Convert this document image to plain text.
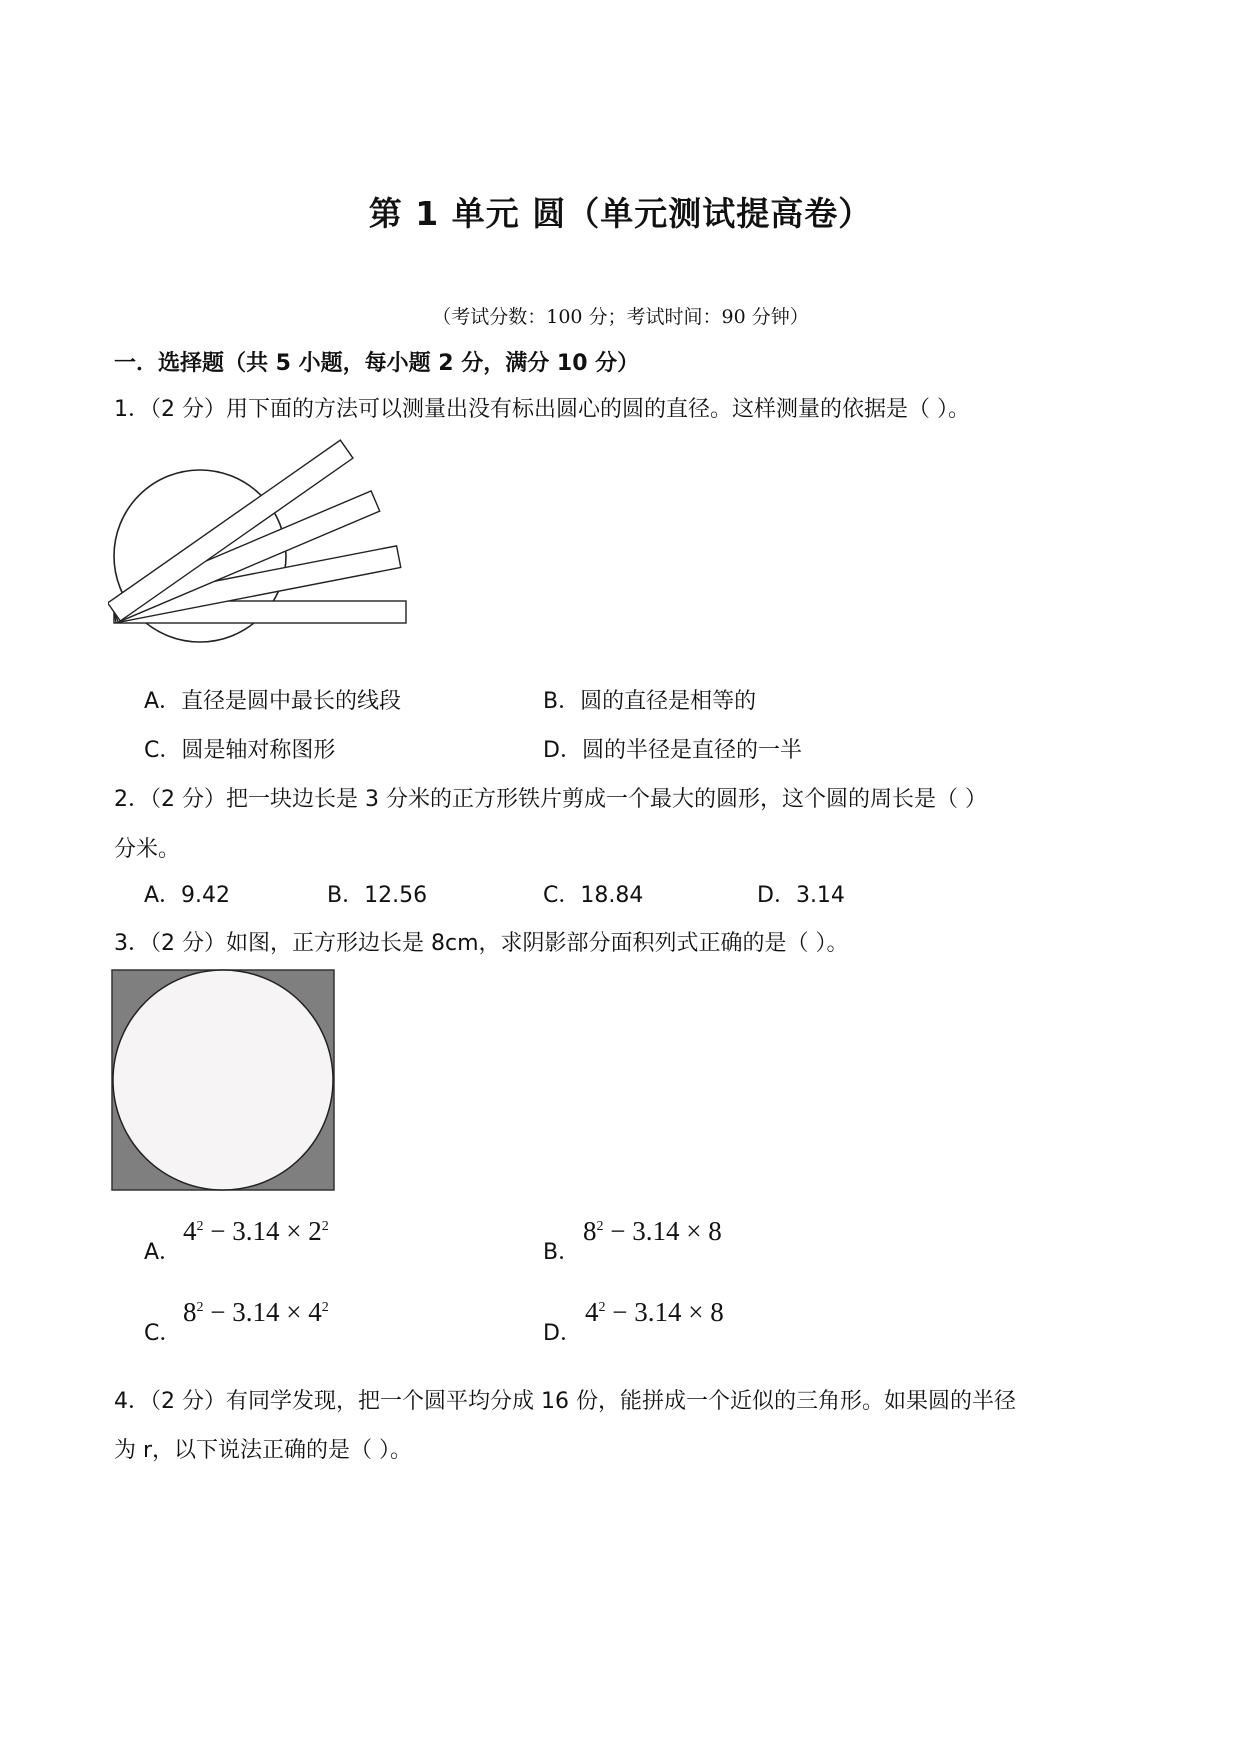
第 1 单元 圆（单元测试提高卷）
（考试分数：100 分；考试时间：90 分钟）
一．选择题（共 5 小题，每小题 2 分，满分 10 分）
1．（2 分）用下面的方法可以测量出没有标出圆心的圆的直径。这样测量的依据是（ ）。
A．直径是圆中最长的线段	B．圆的直径是相等的
C．圆是轴对称图形	D．圆的半径是直径的一半
2．（2 分）把一块边长是 3 分米的正方形铁片剪成一个最大的圆形，这个圆的周长是（ ）
分米。
A．9.42	B．12.56	C．18.84	D．3.14
3．（2 分）如图，正方形边长是 8cm，求阴影部分面积列式正确的是（ ）。
A．
$4^2 - 3.14 \times 2^2$
B．
$8^2 - 3.14 \times 8$
C．
$8^2 - 3.14 \times 4^2$
D．
$4^2 - 3.14 \times 8$
4．（2 分）有同学发现，把一个圆平均分成 16 份，能拼成一个近似的三角形。如果圆的半径
为 r，以下说法正确的是（ ）。
